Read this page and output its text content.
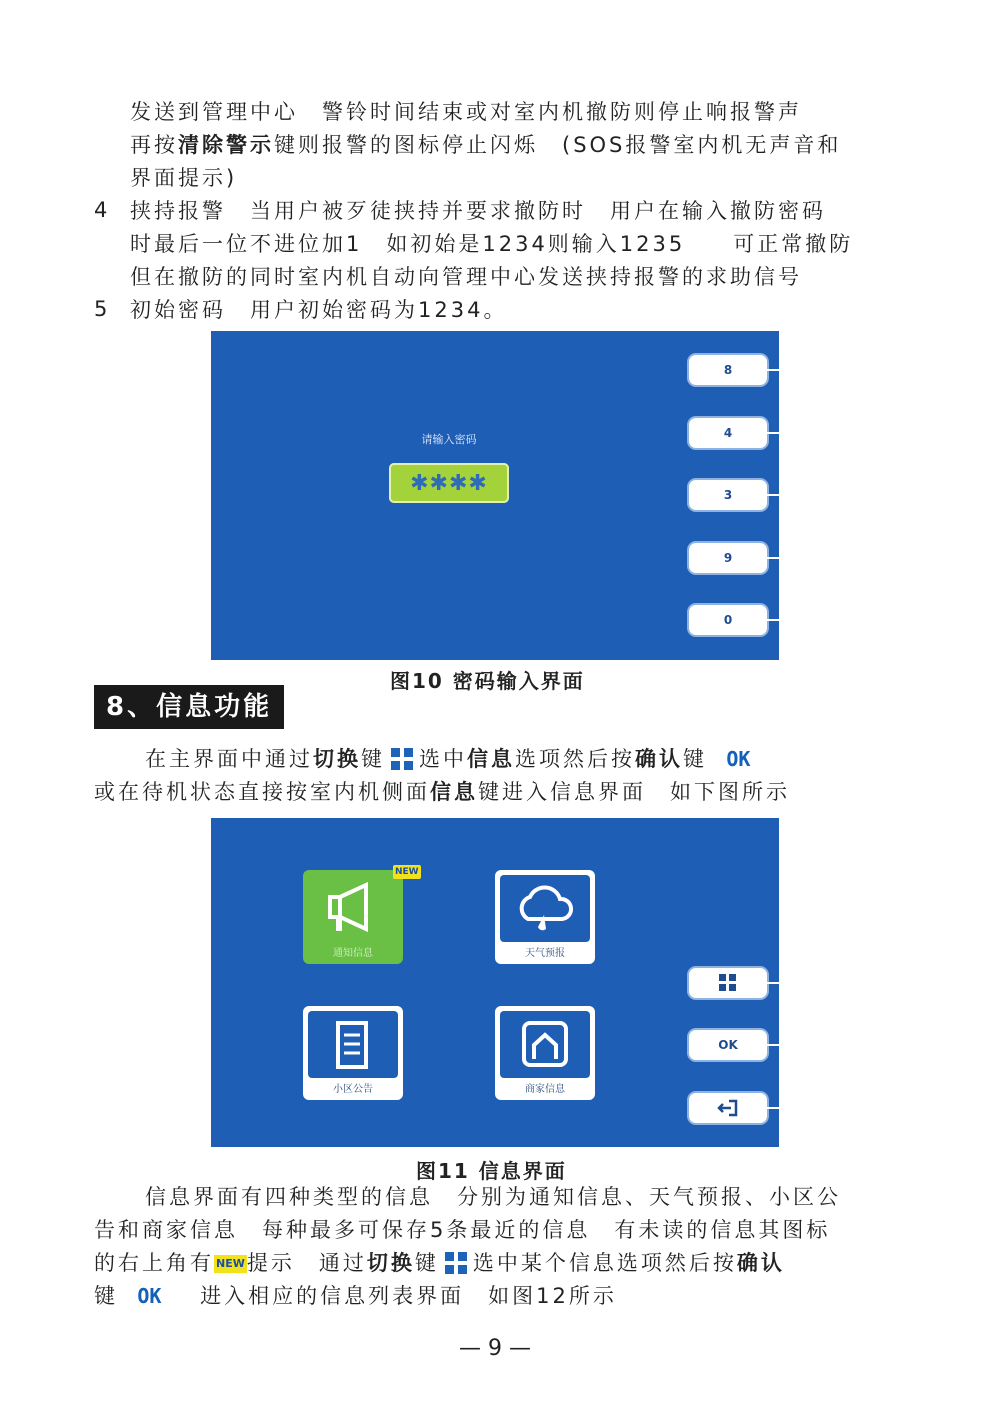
发送到管理中心　警铃时间结束或对室内机撤防则停止响报警声
再按清除警示键则报警的图标停止闪烁　(SOS报警室内机无声音和
界面提示)
4 挟持报警　当用户被歹徒挟持并要求撤防时　用户在输入撤防密码
时最后一位不进位加1　如初始是1234则输入1235　　可正常撤防
但在撤防的同时室内机自动向管理中心发送挟持报警的求助信号
5 初始密码　用户初始密码为1234。
请输入密码
✱✱✱✱
8
4
3
9
0
图10 密码输入界面
8、信息功能
在主界面中通过切换键 选中信息选项然后按确认键 OK
或在待机状态直接按室内机侧面信息键进入信息界面　如下图所示
通知信息
NEW
天气预报
小区公告	商家信息
OK
图11 信息界面
信息界面有四种类型的信息　分别为通知信息、天气预报、小区公
告和商家信息　每种最多可保存5条最近的信息　有未读的信息其图标
的右上角有 NEW提示　通过切换键 选中某个信息选项然后按确认
键 OK 进入相应的信息列表界面　如图12所示
— 9 —
